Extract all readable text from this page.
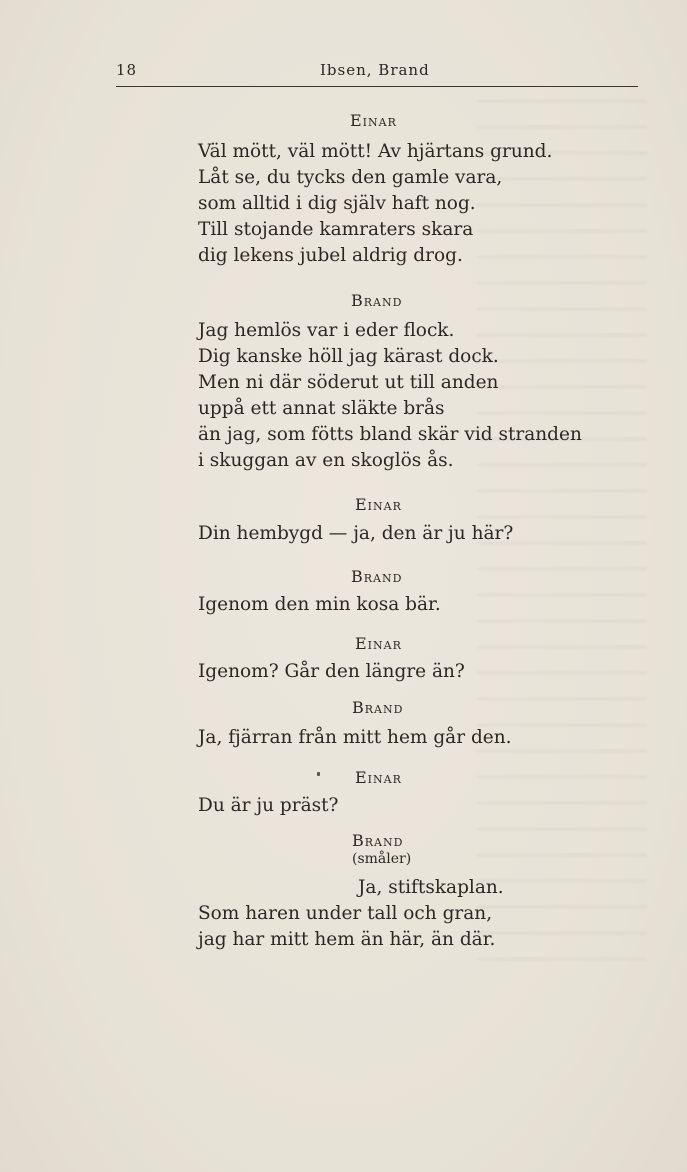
18	Ibsen, Brand
Einar
Väl mött, väl mött! Av hjärtans grund.
Låt se, du tycks den gamle vara,
som alltid i dig själv haft nog.
Till stojande kamraters skara
dig lekens jubel aldrig drog.
Brand
Jag hemlös var i eder flock.
Dig kanske höll jag kärast dock.
Men ni där söderut ut till anden
uppå ett annat släkte brås
än jag, som fötts bland skär vid stranden
i skuggan av en skoglös ås.
Einar
Din hembygd — ja, den är ju här?
Brand
Igenom den min kosa bär.
Einar
Igenom? Går den längre än?
Brand
Ja, fjärran från mitt hem går den.
Einar
Du är ju präst?
Brand
(småler)
Ja, stiftskaplan.
Som haren under tall och gran,
jag har mitt hem än här, än där.
